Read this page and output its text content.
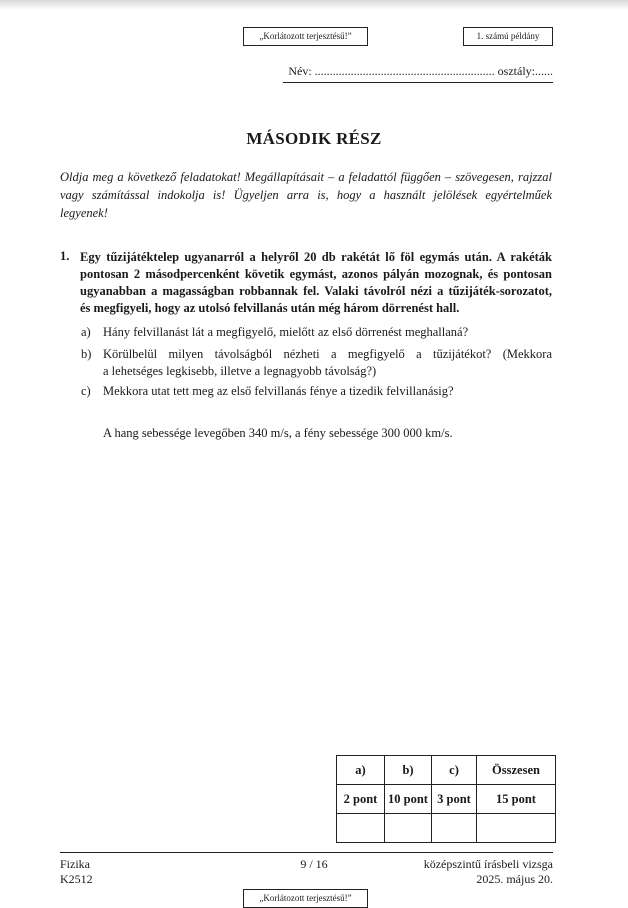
„Korlátozott terjesztésű!”	1. számú példány
Név: ............................................................ osztály:......
MÁSODIK RÉSZ
Oldja meg a következő feladatokat! Megállapításait – a feladattól függően – szövegesen, rajzzal
vagy számítással indokolja is! Ügyeljen arra is, hogy a használt jelölések egyértelműek
legyenek!
1. Egy tűzijátéktelep ugyanarról a helyről 20 db rakétát lő föl egymás után. A rakéták
pontosan 2 másodpercenként követik egymást, azonos pályán mozognak, és pontosan
ugyanabban a magasságban robbannak fel. Valaki távolról nézi a tűzijáték-sorozatot,
és megfigyeli, hogy az utolsó felvillanás után még három dörrenést hall.
a) Hány felvillanást lát a megfigyelő, mielőtt az első dörrenést meghallaná?
b) Körülbelül milyen távolságból nézheti a megfigyelő a tűzijátékot? (Mekkora
a lehetséges legkisebb, illetve a legnagyobb távolság?)
c) Mekkora utat tett meg az első felvillanás fénye a tizedik felvillanásig?
A hang sebessége levegőben 340 m/s, a fény sebessége 300 000 km/s.
a)	b)	c)	Összesen
2 pont	10 pont	3 pont	15 pont

Fizika
K2512
9 / 16	középszintű írásbeli vizsga
2025. május 20.
„Korlátozott terjesztésű!”
